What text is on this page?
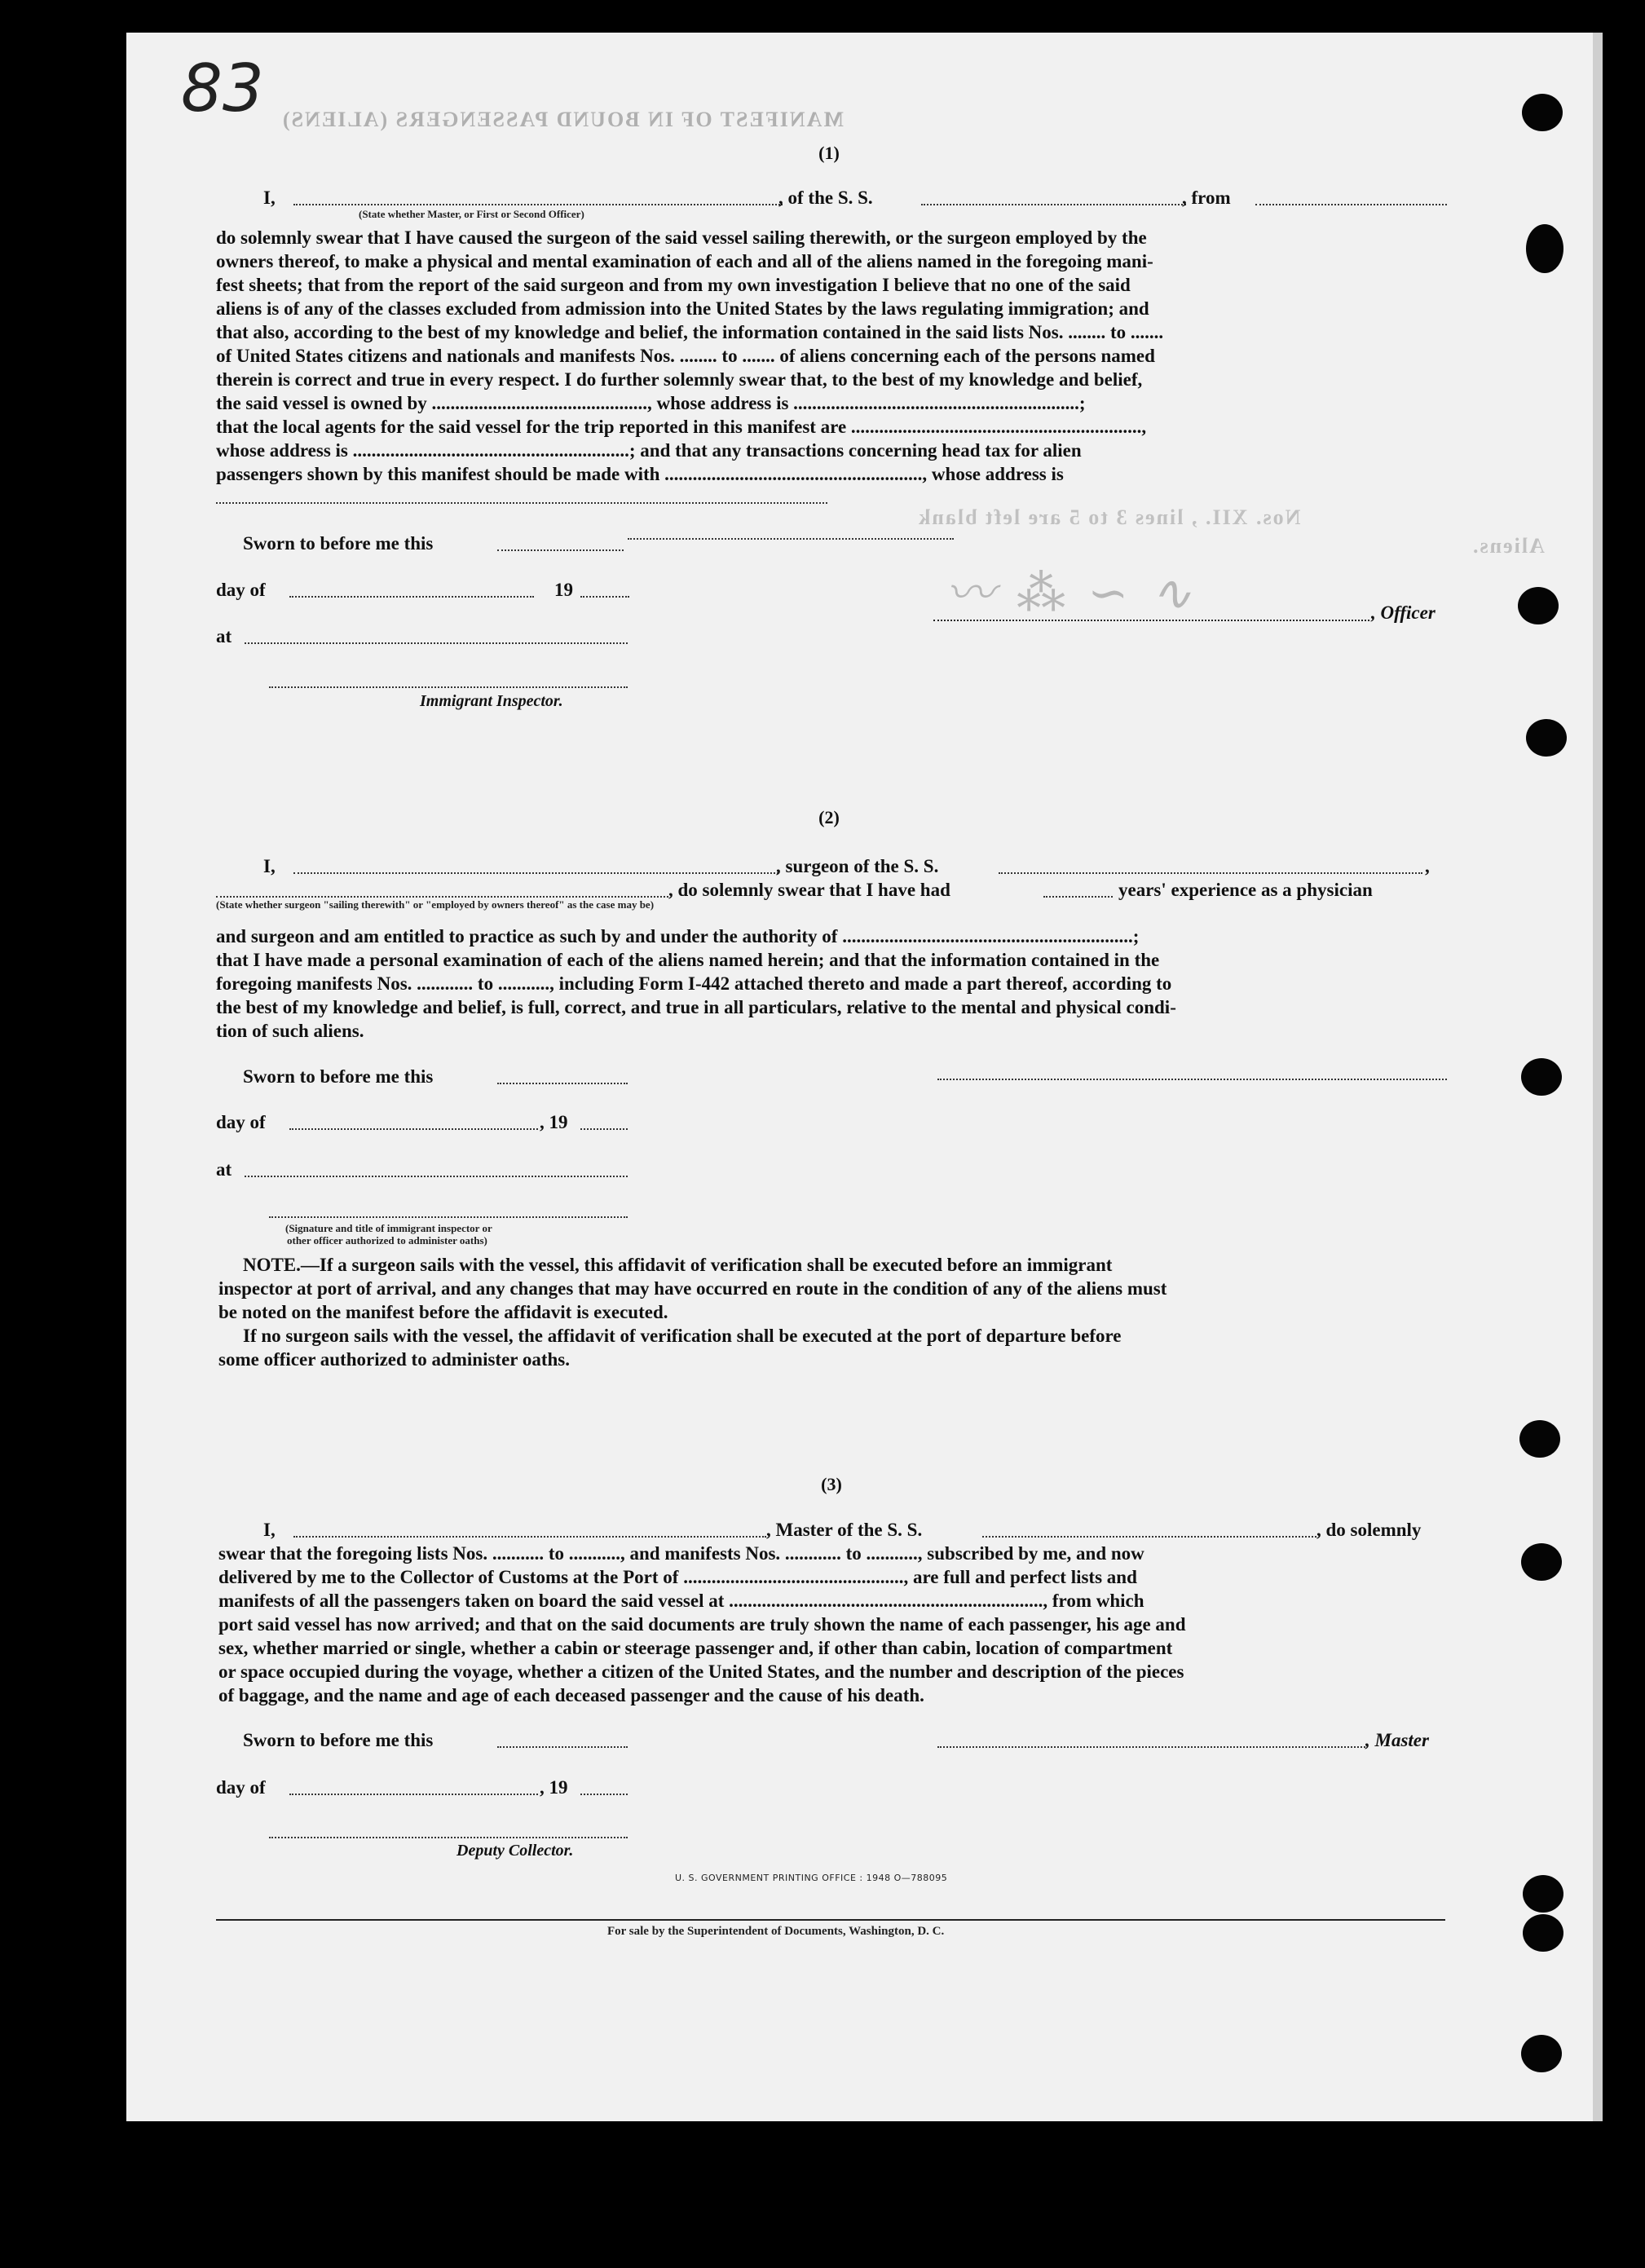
83 MANIFEST OF IN BOUND PASSENGERS (ALIENS)
Nos. XII. , lines 3 to 5 are left blank
Aliens.
〰 ⁂ ∽ ∿
(1)
I,	, of the S. S.	, from
(State whether Master, or First or Second Officer)
do solemnly swear that I have caused the surgeon of the said vessel sailing therewith, or the surgeon employed by the
owners thereof, to make a physical and mental examination of each and all of the aliens named in the foregoing mani-
fest sheets; that from the report of the said surgeon and from my own investigation I believe that no one of the said
aliens is of any of the classes excluded from admission into the United States by the laws regulating immigration; and
that also, according to the best of my knowledge and belief, the information contained in the said lists Nos. ........ to .......
of United States citizens and nationals and manifests Nos. ........ to ....... of aliens concerning each of the persons named
therein is correct and true in every respect. I do further solemnly swear that, to the best of my knowledge and belief,
the said vessel is owned by .............................................., whose address is .............................................................;
that the local agents for the said vessel for the trip reported in this manifest are ..............................................................,
whose address is ...........................................................; and that any transactions concerning head tax for alien
passengers shown by this manifest should be made with ......................................................., whose address is
Sworn to before me this
day of	19
, Officer
at
Immigrant Inspector.
(2)
I,	, surgeon of the S. S.	,
, do solemnly swear that I have had	years' experience as a physician
(State whether surgeon "sailing therewith" or "employed by owners thereof" as the case may be)
and surgeon and am entitled to practice as such by and under the authority of ..............................................................;
that I have made a personal examination of each of the aliens named herein; and that the information contained in the
foregoing manifests Nos. ............ to ..........., including Form I-442 attached thereto and made a part thereof, according to
the best of my knowledge and belief, is full, correct, and true in all particulars, relative to the mental and physical condi-
tion of such aliens.
Sworn to before me this
day of	, 19
at
(Signature and title of immigrant inspector or
other officer authorized to administer oaths)
NOTE.—If a surgeon sails with the vessel, this affidavit of verification shall be executed before an immigrant
inspector at port of arrival, and any changes that may have occurred en route in the condition of any of the aliens must
be noted on the manifest before the affidavit is executed.
If no surgeon sails with the vessel, the affidavit of verification shall be executed at the port of departure before
some officer authorized to administer oaths.
(3)
I,	, Master of the S. S.	, do solemnly
swear that the foregoing lists Nos. ........... to ..........., and manifests Nos. ............ to ..........., subscribed by me, and now
delivered by me to the Collector of Customs at the Port of ..............................................., are full and perfect lists and
manifests of all the passengers taken on board the said vessel at ..................................................................., from which
port said vessel has now arrived; and that on the said documents are truly shown the name of each passenger, his age and
sex, whether married or single, whether a cabin or steerage passenger and, if other than cabin, location of compartment
or space occupied during the voyage, whether a citizen of the United States, and the number and description of the pieces
of baggage, and the name and age of each deceased passenger and the cause of his death.
Sworn to before me this	, Master
day of	, 19
Deputy Collector.
U. S. GOVERNMENT PRINTING OFFICE : 1948 O—788095
For sale by the Superintendent of Documents, Washington, D. C.
